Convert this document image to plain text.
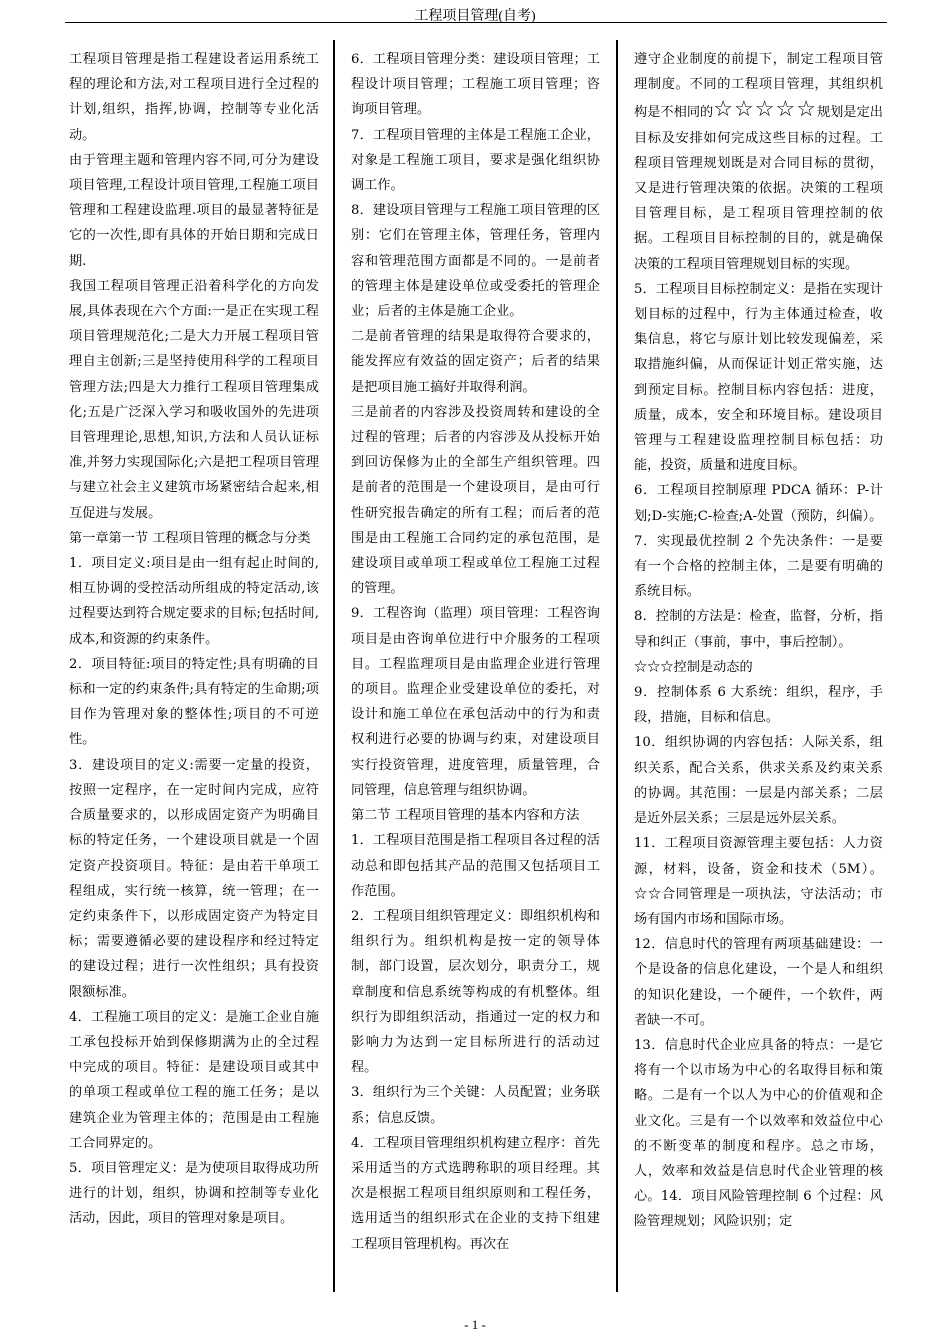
工程项目管理(自考)

工程项目管理是指工程建设者运用系统工程的理论和方法,对工程项目进行全过程的计划,组织，指挥,协调，控制等专业化活动。

由于管理主题和管理内容不同,可分为建设项目管理,工程设计项目管理,工程施工项目管理和工程建设监理.项目的最显著特征是它的一次性,即有具体的开始日期和完成日期.

我国工程项目管理正沿着科学化的方向发展,具体表现在六个方面:一是正在实现工程项目管理规范化;二是大力开展工程项目管理自主创新;三是坚持使用科学的工程项目管理方法;四是大力推行工程项目管理集成化;五是广泛深入学习和吸收国外的先进项目管理理论,思想,知识,方法和人员认证标准,并努力实现国际化;六是把工程项目管理与建立社会主义建筑市场紧密结合起来,相互促进与发展。

第一章第一节 工程项目管理的概念与分类

1．项目定义:项目是由一组有起止时间的,相互协调的受控活动所组成的特定活动,该过程要达到符合规定要求的目标;包括时间,成本,和资源的约束条件。

2．项目特征:项目的特定性;具有明确的目标和一定的约束条件;具有特定的生命期;项目作为管理对象的整体性;项目的不可逆性。

3．建设项目的定义:需要一定量的投资，按照一定程序，在一定时间内完成，应符合质量要求的，以形成固定资产为明确目标的特定任务，一个建设项目就是一个固定资产投资项目。特征：是由若干单项工程组成，实行统一核算，统一管理；在一定约束条件下，以形成固定资产为特定目标；需要遵循必要的建设程序和经过特定的建设过程；进行一次性组织；具有投资限额标准。

4．工程施工项目的定义：是施工企业自施工承包投标开始到保修期满为止的全过程中完成的项目。特征：是建设项目或其中的单项工程或单位工程的施工任务；是以建筑企业为管理主体的；范围是由工程施工合同界定的。

5．项目管理定义：是为使项目取得成功所进行的计划，组织，协调和控制等专业化活动，因此，项目的管理对象是项目。

6．工程项目管理分类：建设项目管理；工程设计项目管理；工程施工项目管理；咨询项目管理。

7．工程项目管理的主体是工程施工企业，对象是工程施工项目，要求是强化组织协调工作。

8．建设项目管理与工程施工项目管理的区别：它们在管理主体，管理任务，管理内容和管理范围方面都是不同的。一是前者的管理主体是建设单位或受委托的管理企业；后者的主体是施工企业。

二是前者管理的结果是取得符合要求的，能发挥应有效益的固定资产；后者的结果是把项目施工搞好并取得利润。

三是前者的内容涉及投资周转和建设的全过程的管理；后者的内容涉及从投标开始到回访保修为止的全部生产组织管理。四是前者的范围是一个建设项目，是由可行性研究报告确定的所有工程；而后者的范围是由工程施工合同约定的承包范围，是建设项目或单项工程或单位工程施工过程的管理。

9．工程咨询（监理）项目管理：工程咨询项目是由咨询单位进行中介服务的工程项目。工程监理项目是由监理企业进行管理的项目。监理企业受建设单位的委托，对设计和施工单位在承包活动中的行为和责权利进行必要的协调与约束，对建设项目实行投资管理，进度管理，质量管理，合同管理，信息管理与组织协调。

第二节 工程项目管理的基本内容和方法

1．工程项目范围是指工程项目各过程的活动总和即包括其产品的范围又包括项目工作范围。

2．工程项目组织管理定义：即组织机构和组织行为。组织机构是按一定的领导体制，部门设置，层次划分，职责分工，规章制度和信息系统等构成的有机整体。组织行为即组织活动，指通过一定的权力和影响力为达到一定目标所进行的活动过程。

3．组织行为三个关键：人员配置；业务联系；信息反馈。

4．工程项目管理组织机构建立程序：首先采用适当的方式选聘称职的项目经理。其次是根据工程项目组织原则和工程任务，选用适当的组织形式在企业的支持下组建工程项目管理机构。再次在

遵守企业制度的前提下，制定工程项目管理制度。不同的工程项目管理，其组织机构是不相同的☆☆☆☆☆规划是定出目标及安排如何完成这些目标的过程。工程项目管理规划既是对合同目标的贯彻，又是进行管理决策的依据。决策的工程项目管理目标，是工程项目管理控制的依据。工程项目目标控制的目的，就是确保决策的工程项目管理规划目标的实现。

5．工程项目目标控制定义：是指在实现计划目标的过程中，行为主体通过检查，收集信息，将它与原计划比较发现偏差，采取措施纠偏，从而保证计划正常实施，达到预定目标。控制目标内容包括：进度，质量，成本，安全和环境目标。建设项目管理与工程建设监理控制目标包括：功能，投资，质量和进度目标。

6．工程项目控制原理 PDCA 循环：P-计划;D-实施;C-检查;A-处置（预防，纠偏）。

7．实现最优控制 2 个先决条件：一是要有一个合格的控制主体，二是要有明确的系统目标。

8．控制的方法是：检查，监督，分析，指导和纠正（事前，事中，事后控制）。

☆☆☆控制是动态的

9．控制体系 6 大系统：组织，程序，手段，措施，目标和信息。

10．组织协调的内容包括：人际关系，组织关系，配合关系，供求关系及约束关系的协调。其范围：一层是内部关系；二层是近外层关系；三层是远外层关系。

11．工程项目资源管理主要包括：人力资源，材料，设备，资金和技术（5M）。☆☆合同管理是一项执法，守法活动；市场有国内市场和国际市场。

12．信息时代的管理有两项基础建设：一个是设备的信息化建设，一个是人和组织的知识化建设，一个硬件，一个软件，两者缺一不可。

13．信息时代企业应具备的特点：一是它将有一个以市场为中心的名取得目标和策略。二是有一个以人为中心的价值观和企业文化。三是有一个以效率和效益位中心的不断变革的制度和程序。总之市场，人，效率和效益是信息时代企业管理的核心。14．项目风险管理控制 6 个过程：风险管理规划；风险识别；定

- 1 -
